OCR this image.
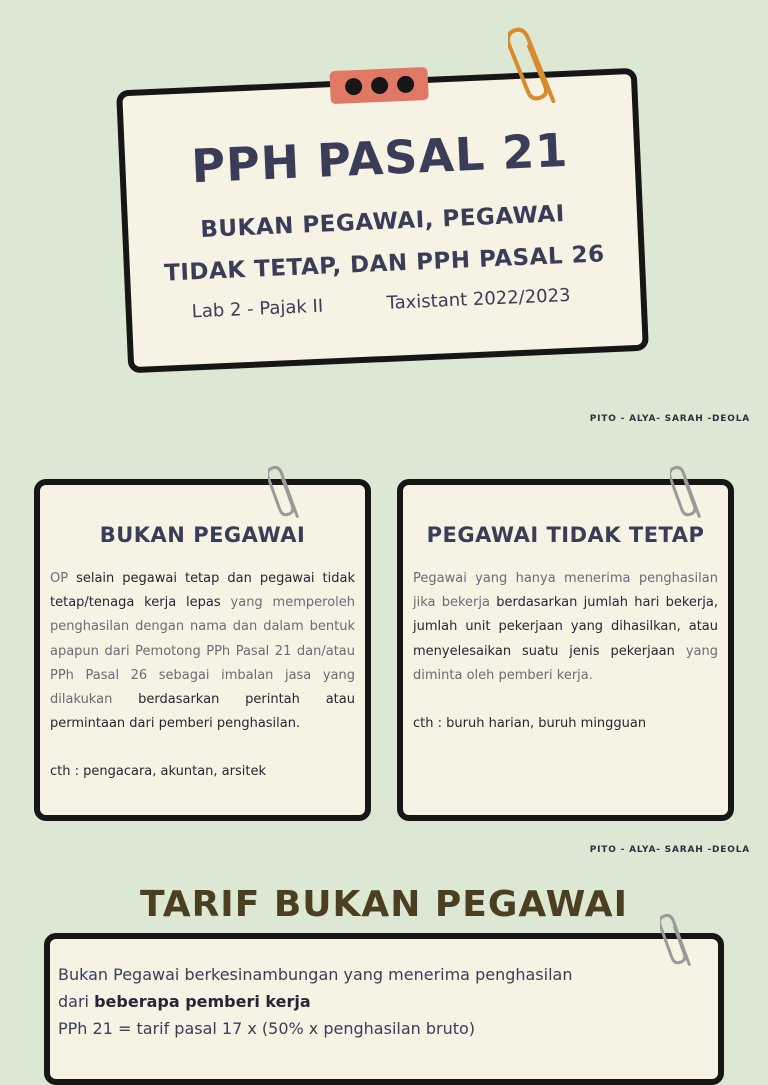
PPH PASAL 21
BUKAN PEGAWAI, PEGAWAI
TIDAK TETAP, DAN PPH PASAL 26
Lab 2 - Pajak II	Taxistant 2022/2023
PITO - ALYA- SARAH -DEOLA
BUKAN PEGAWAI
OP selain pegawai tetap dan pegawai tidak tetap/tenaga kerja lepas yang memperoleh penghasilan dengan nama dan dalam bentuk apapun dari Pemotong PPh Pasal 21 dan/atau PPh Pasal 26 sebagai imbalan jasa yang dilakukan berdasarkan perintah atau permintaan dari pemberi penghasilan.
cth : pengacara, akuntan, arsitek
PEGAWAI TIDAK TETAP
Pegawai yang hanya menerima penghasilan jika bekerja berdasarkan jumlah hari bekerja, jumlah unit pekerjaan yang dihasilkan, atau menyelesaikan suatu jenis pekerjaan yang diminta oleh pemberi kerja.
cth : buruh harian, buruh mingguan
PITO - ALYA- SARAH -DEOLA
TARIF BUKAN PEGAWAI
Bukan Pegawai berkesinambungan yang menerima penghasilan
dari beberapa pemberi kerja
PPh 21 = tarif pasal 17 x (50% x penghasilan bruto)
